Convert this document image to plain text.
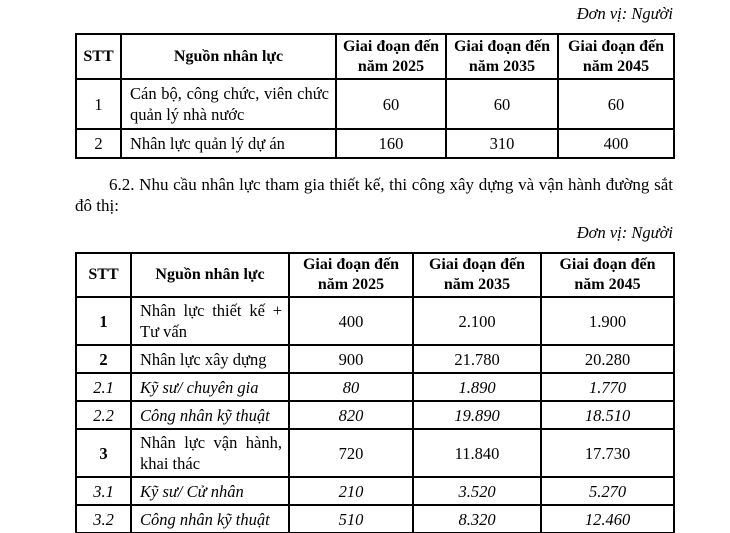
Đơn vị: Người
STT	Nguồn nhân lực	Giai đoạn đến năm 2025	Giai đoạn đến năm 2035	Giai đoạn đến năm 2045
1	Cán bộ, công chức, viên chức quản lý nhà nước	60	60	60
2	Nhân lực quản lý dự án	160	310	400

6.2. Nhu cầu nhân lực tham gia thiết kế, thi công xây dựng và vận hành đường sắt đô thị:

Đơn vị: Người
STT	Nguồn nhân lực	Giai đoạn đến năm 2025	Giai đoạn đến năm 2035	Giai đoạn đến năm 2045
1	Nhân lực thiết kế + Tư vấn	400	2.100	1.900
2	Nhân lực xây dựng	900	21.780	20.280
2.1	Kỹ sư/ chuyên gia	80	1.890	1.770
2.2	Công nhân kỹ thuật	820	19.890	18.510
3	Nhân lực vận hành, khai thác	720	11.840	17.730
3.1	Kỹ sư/ Cử nhân	210	3.520	5.270
3.2	Công nhân kỹ thuật	510	8.320	12.460
